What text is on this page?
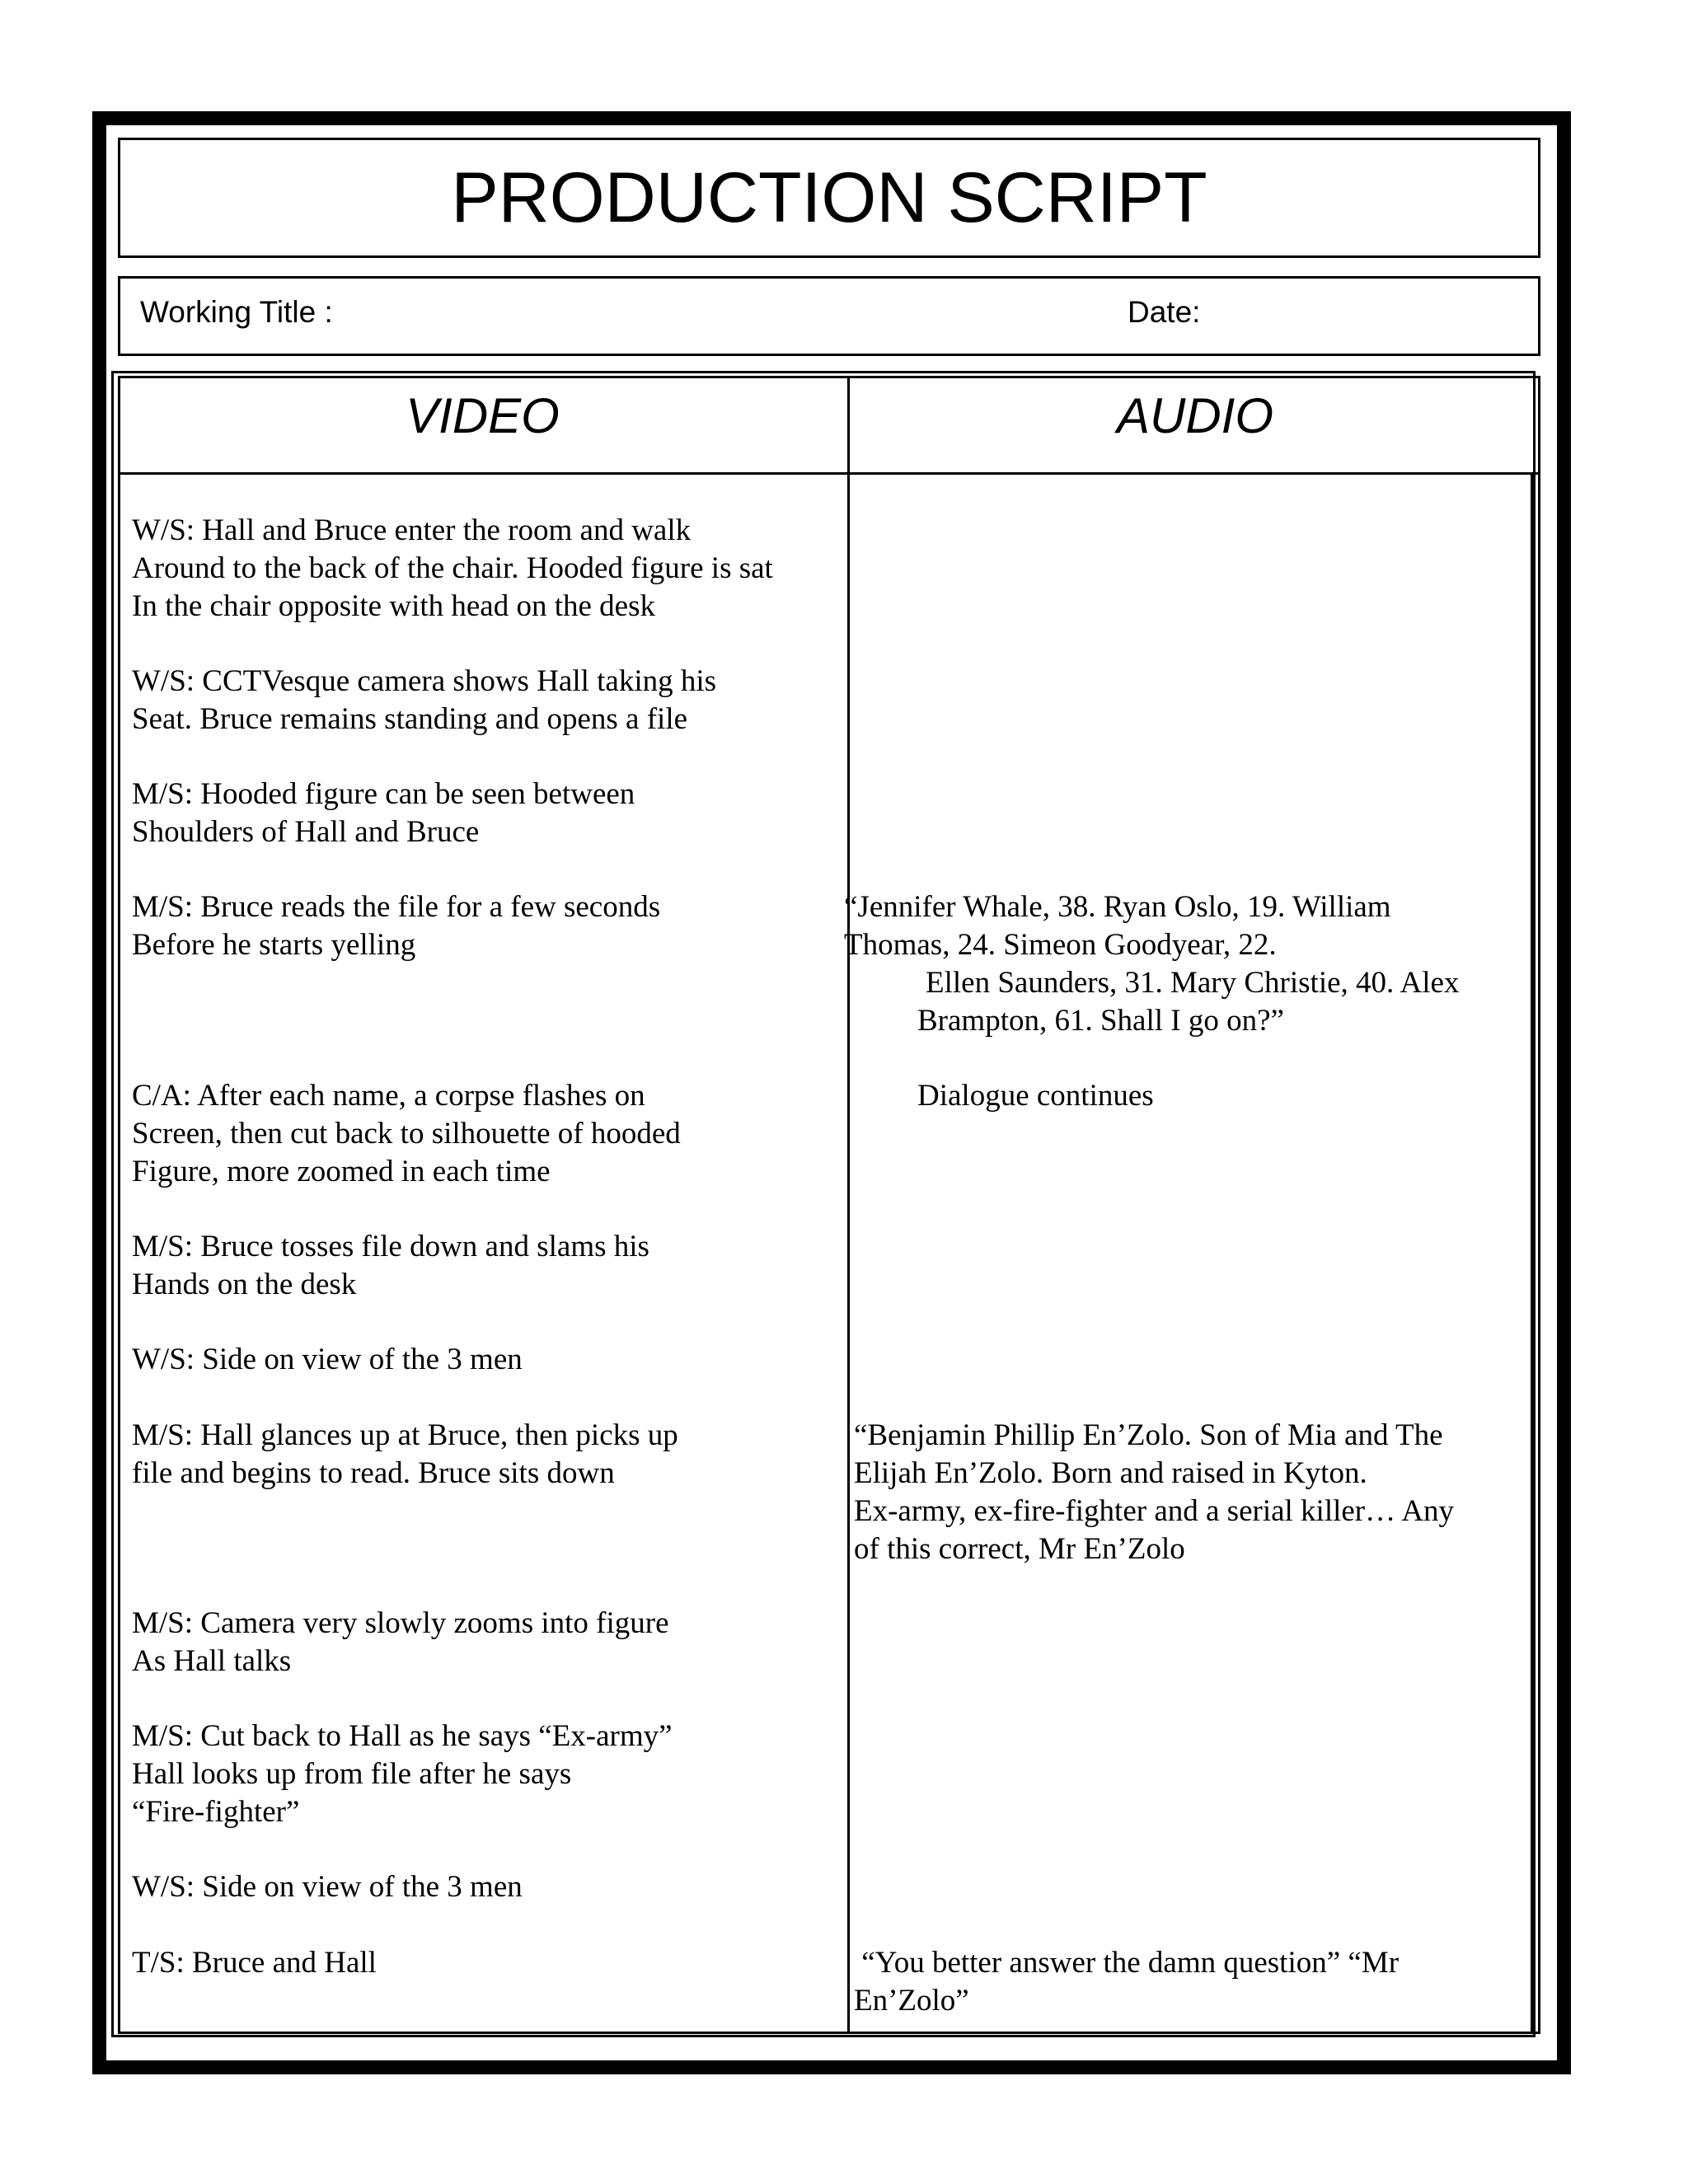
PRODUCTION SCRIPT
Working Title :	Date:
VIDEO	AUDIO
W/S: Hall and Bruce enter the room and walk
Around to the back of the chair. Hooded figure is sat
In the chair opposite with head on the desk
W/S: CCTVesque camera shows Hall taking his
Seat. Bruce remains standing and opens a file
M/S: Hooded figure can be seen between
Shoulders of Hall and Bruce
M/S: Bruce reads the file for a few seconds
Before he starts yelling
C/A: After each name, a corpse flashes on
Screen, then cut back to silhouette of hooded
Figure, more zoomed in each time
M/S: Bruce tosses file down and slams his
Hands on the desk
W/S: Side on view of the 3 men
M/S: Hall glances up at Bruce, then picks up
file and begins to read. Bruce sits down
M/S: Camera very slowly zooms into figure
As Hall talks
M/S: Cut back to Hall as he says “Ex-army”
Hall looks up from file after he says
“Fire-fighter”
W/S: Side on view of the 3 men
T/S: Bruce and Hall
“Jennifer Whale, 38. Ryan Oslo, 19. William
Thomas, 24. Simeon Goodyear, 22.
Ellen Saunders, 31. Mary Christie, 40. Alex
Brampton, 61. Shall I go on?”
Dialogue continues
“Benjamin Phillip En’Zolo. Son of Mia and The
Elijah En’Zolo. Born and raised in Kyton.
Ex-army, ex-fire-fighter and a serial killer… Any
of this correct, Mr En’Zolo
“You better answer the damn question” “Mr
En’Zolo”
